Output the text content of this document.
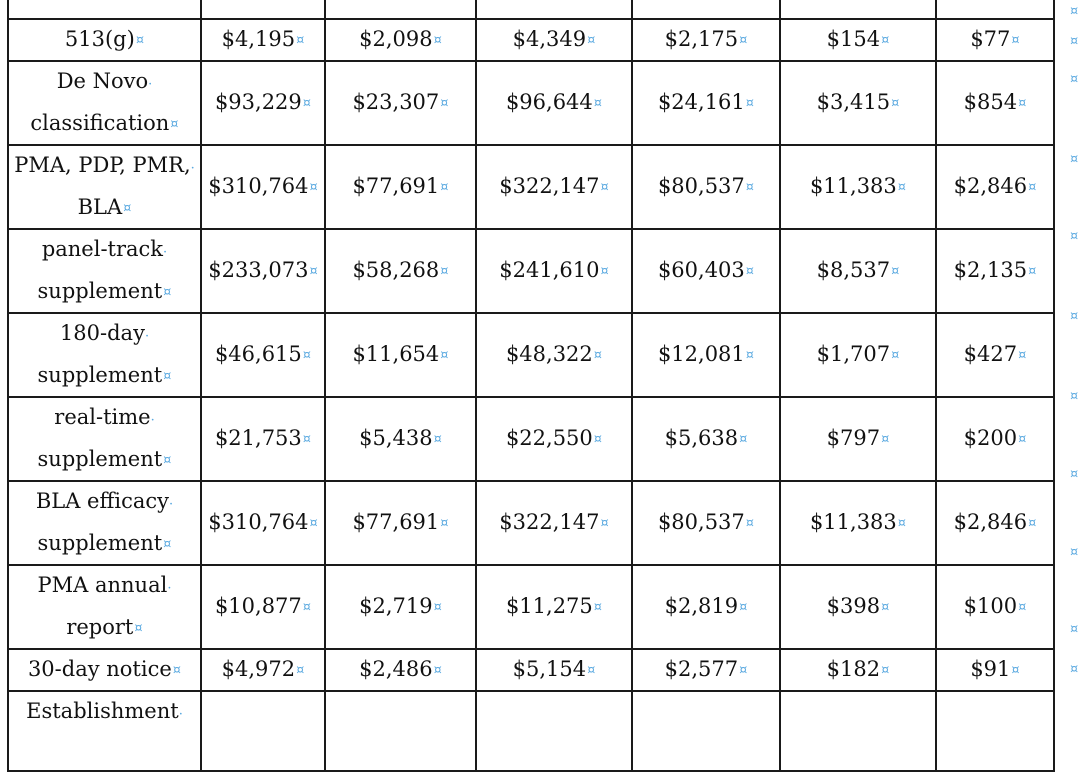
513(g)¤	$4,195¤	$2,098¤	$4,349¤	$2,175¤	$154¤	$77¤
De Novo·
classification¤	$93,229¤	$23,307¤	$96,644¤	$24,161¤	$3,415¤	$854¤
PMA, PDP, PMR,·
BLA¤	$310,764¤	$77,691¤	$322,147¤	$80,537¤	$11,383¤	$2,846¤
panel-track·
supplement¤	$233,073¤	$58,268¤	$241,610¤	$60,403¤	$8,537¤	$2,135¤
180-day·
supplement¤	$46,615¤	$11,654¤	$48,322¤	$12,081¤	$1,707¤	$427¤
real-time·
supplement¤	$21,753¤	$5,438¤	$22,550¤	$5,638¤	$797¤	$200¤
BLA efficacy·
supplement¤	$310,764¤	$77,691¤	$322,147¤	$80,537¤	$11,383¤	$2,846¤
PMA annual·
report¤	$10,877¤	$2,719¤	$11,275¤	$2,819¤	$398¤	$100¤
30-day notice¤	$4,972¤	$2,486¤	$5,154¤	$2,577¤	$182¤	$91¤
Establishment·						
¤
¤
¤
¤
¤
¤
¤
¤
¤
¤
¤
